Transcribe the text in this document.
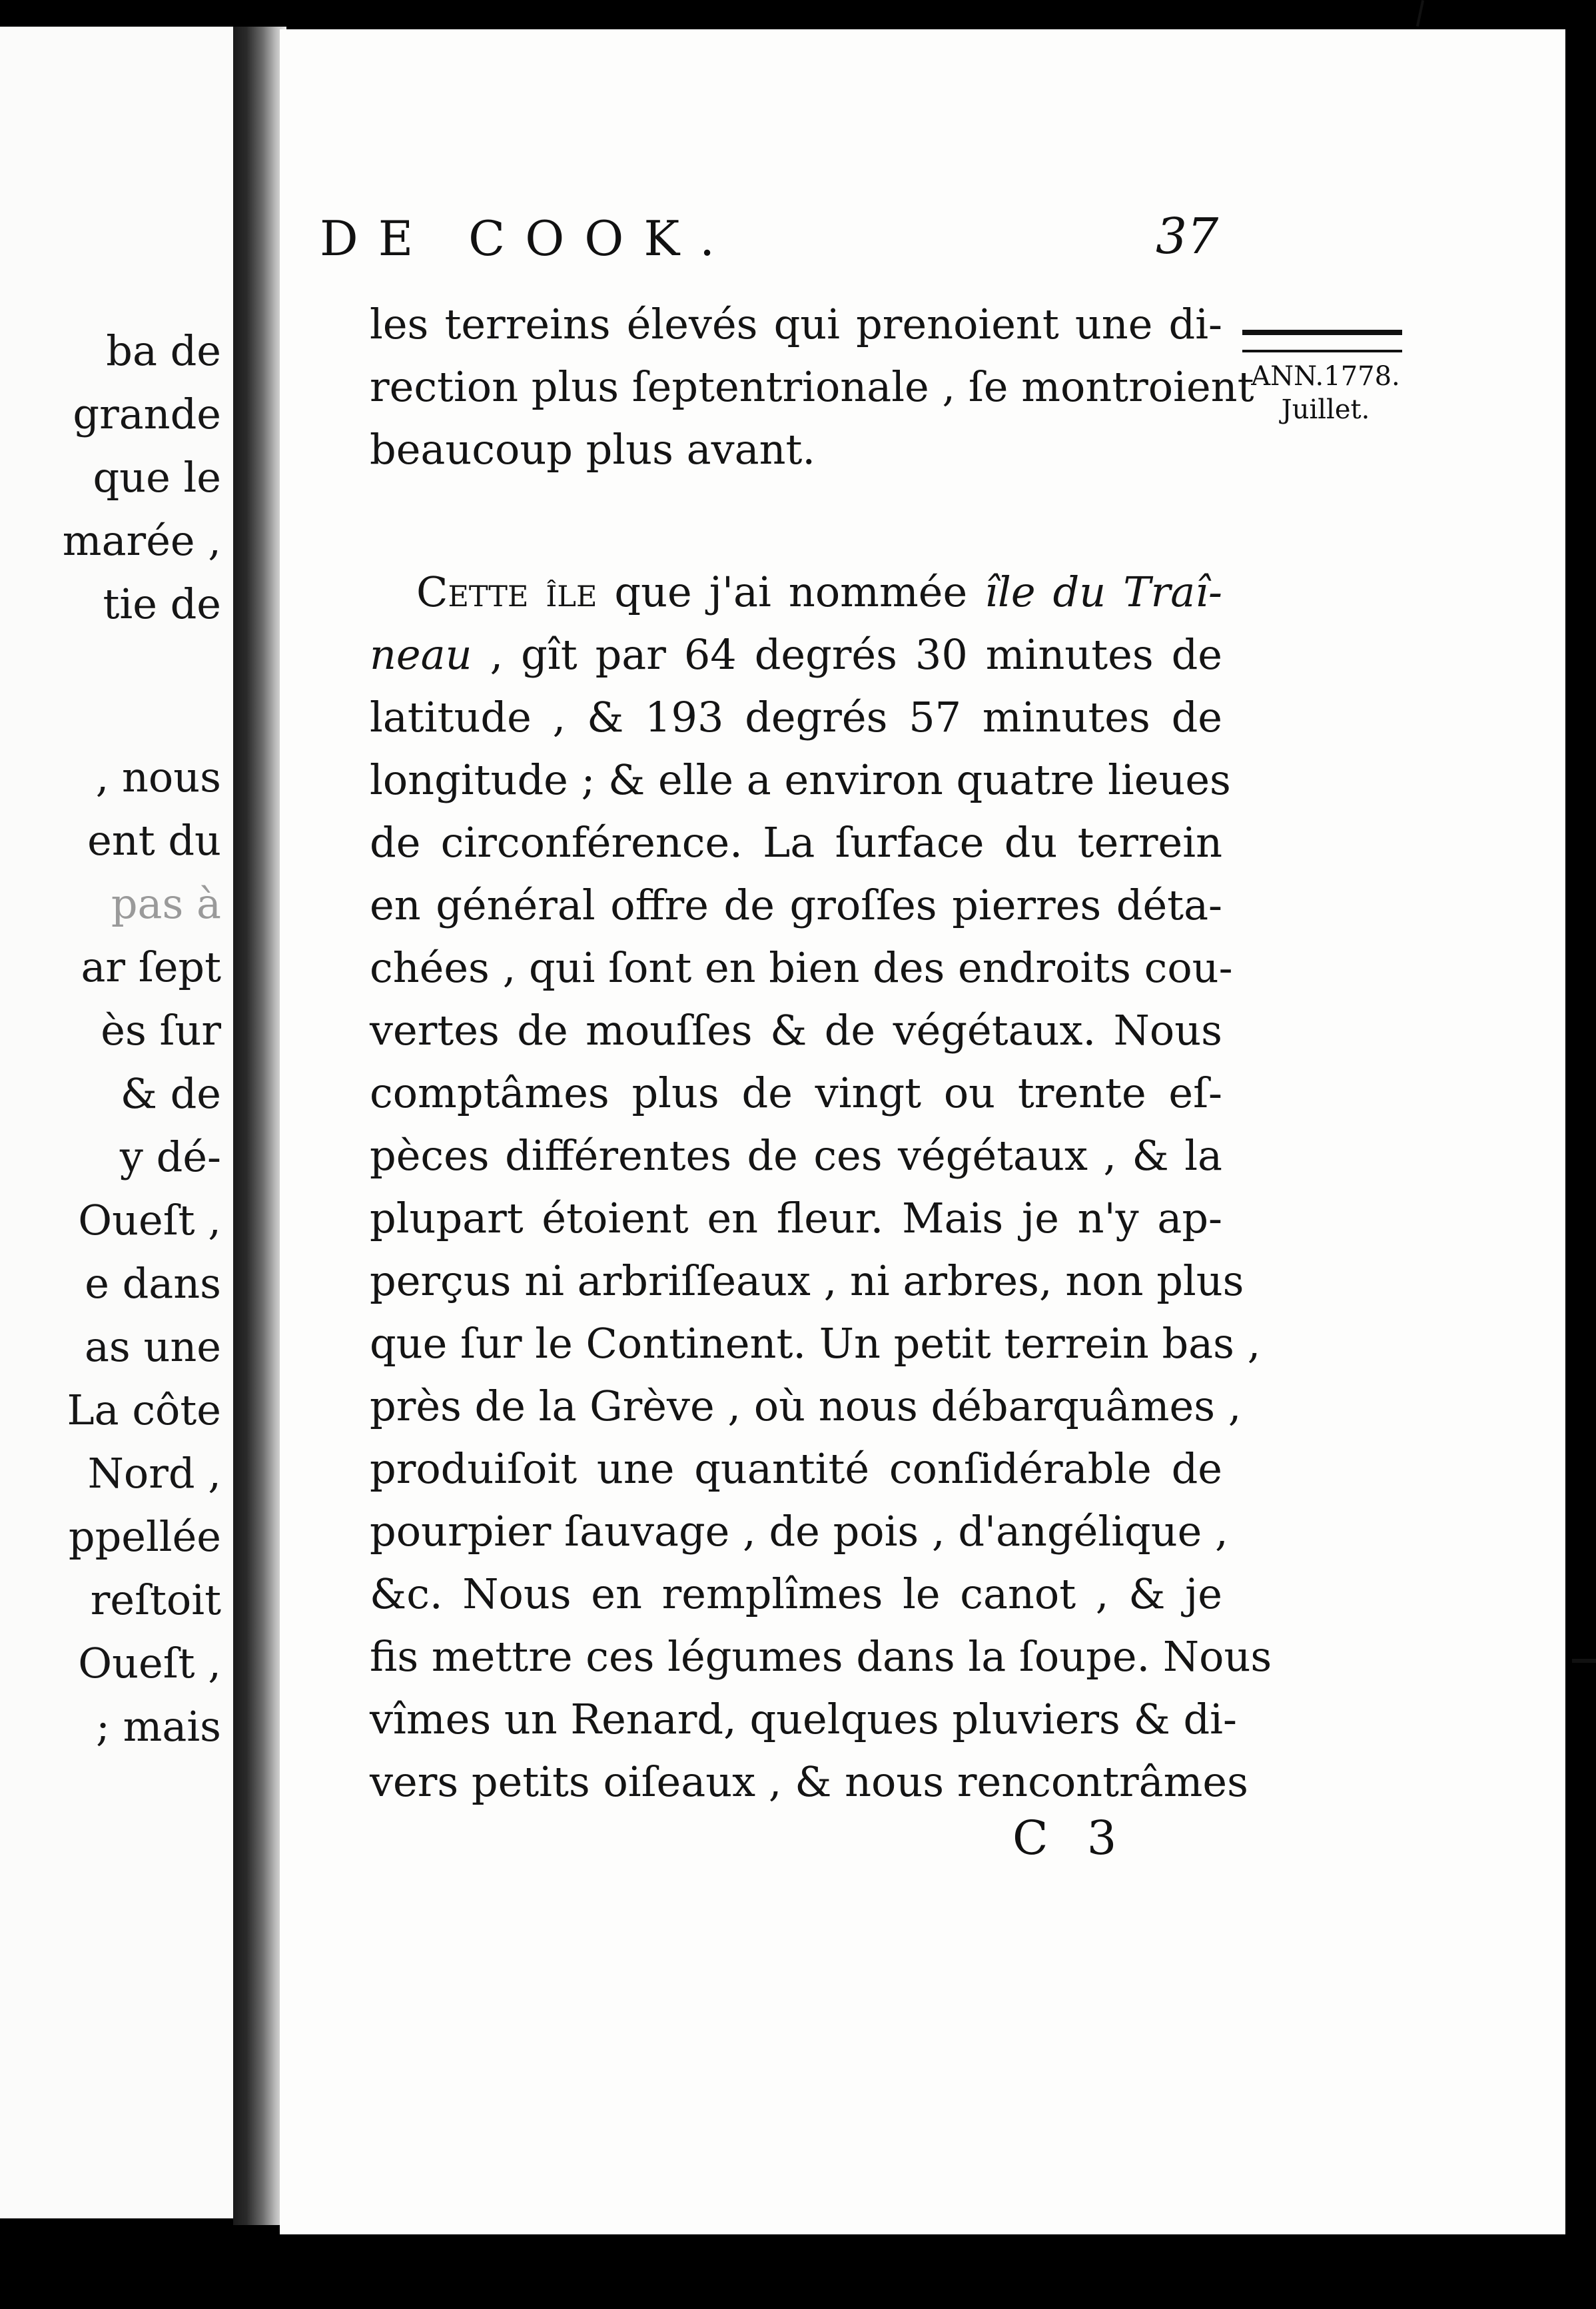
ba de
grande
que le
marée ,
tie de
, nous
ent du
pas à
ar ſept
ès ſur
& de
y dé-
Oueſt ,
e dans
as une
La côte
Nord ,
ppellée
reſtoit
Oueſt ,
; mais
DE COOK.	37
ANN.1778.
Juillet.
les terreins élevés qui prenoient une di-
rection plus ſeptentrionale , ſe montroient
beaucoup plus avant.
Cette île que j'ai nommée île du Traî-
neau , gît par 64 degrés 30 minutes de
latitude , & 193 degrés 57 minutes de
longitude ; & elle a environ quatre lieues
de circonférence. La ſurface du terrein
en général offre de groſſes pierres déta-
chées , qui ſont en bien des endroits cou-
vertes de mouſſes & de végétaux. Nous
comptâmes plus de vingt ou trente eſ-
pèces différentes de ces végétaux , & la
plupart étoient en fleur. Mais je n'y ap-
perçus ni arbriſſeaux , ni arbres, non plus
que ſur le Continent. Un petit terrein bas ,
près de la Grève , où nous débarquâmes ,
produiſoit une quantité conſidérable de
pourpier ſauvage , de pois , d'angélique ,
&c. Nous en remplîmes le canot , & je
fis mettre ces légumes dans la ſoupe. Nous
vîmes un Renard, quelques pluviers & di-
vers petits oiſeaux , & nous rencontrâmes
C 3
